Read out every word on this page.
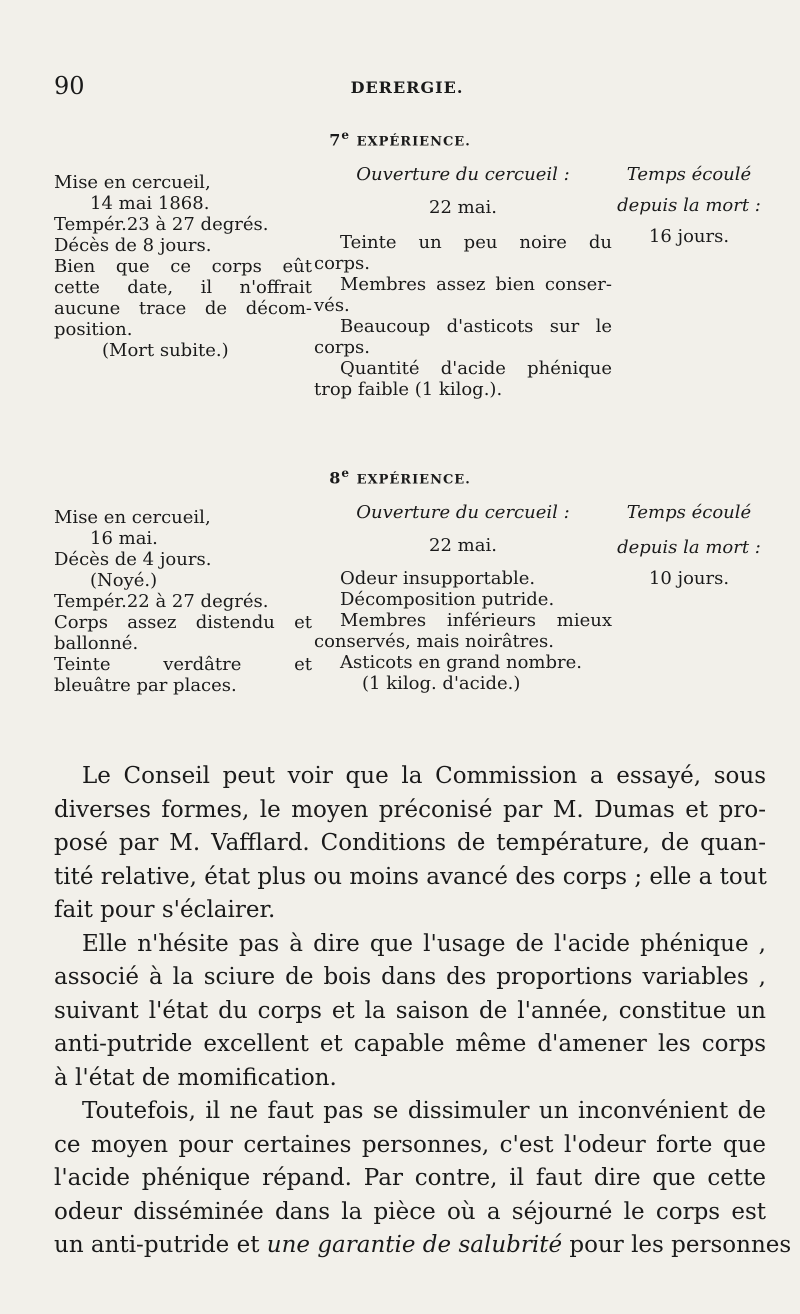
90	DERERGIE.
7e EXPÉRIENCE.
Mise en cercueil,
14 mai 1868.
Tempér.23 à 27 degrés.
Décès de 8 jours.
Bien que ce corps eût
cette date, il n'offrait
aucune trace de décom-
position.
(Mort subite.)
Ouverture du cercueil :
22 mai.
Teinte un peu noire du
corps.
Membres assez bien conser-
vés.
Beaucoup d'asticots sur le
corps.
Quantité d'acide phénique
trop faible (1 kilog.).
Temps écoulé
depuis la mort :
16 jours.
8e EXPÉRIENCE.
Mise en cercueil,
16 mai.
Décès de 4 jours.
(Noyé.)
Tempér.22 à 27 degrés.
Corps assez distendu et
ballonné.
Teinte verdâtre et
bleuâtre par places.
Ouverture du cercueil :
22 mai.
Odeur insupportable.
Décomposition putride.
Membres inférieurs mieux
conservés, mais noirâtres.
Asticots en grand nombre.
(1 kilog. d'acide.)
Temps écoulé
depuis la mort :
10 jours.
Le Conseil peut voir que la Commission a essayé, sous
diverses formes, le moyen préconisé par M. Dumas et pro-
posé par M. Vafflard. Conditions de température, de quan-
tité relative, état plus ou moins avancé des corps ; elle a tout
fait pour s'éclairer.
Elle n'hésite pas à dire que l'usage de l'acide phénique ,
associé à la sciure de bois dans des proportions variables ,
suivant l'état du corps et la saison de l'année, constitue un
anti-putride excellent et capable même d'amener les corps
à l'état de momification.
Toutefois, il ne faut pas se dissimuler un inconvénient de
ce moyen pour certaines personnes, c'est l'odeur forte que
l'acide phénique répand. Par contre, il faut dire que cette
odeur disséminée dans la pièce où a séjourné le corps est
un anti-putride et une garantie de salubrité pour les personnes
